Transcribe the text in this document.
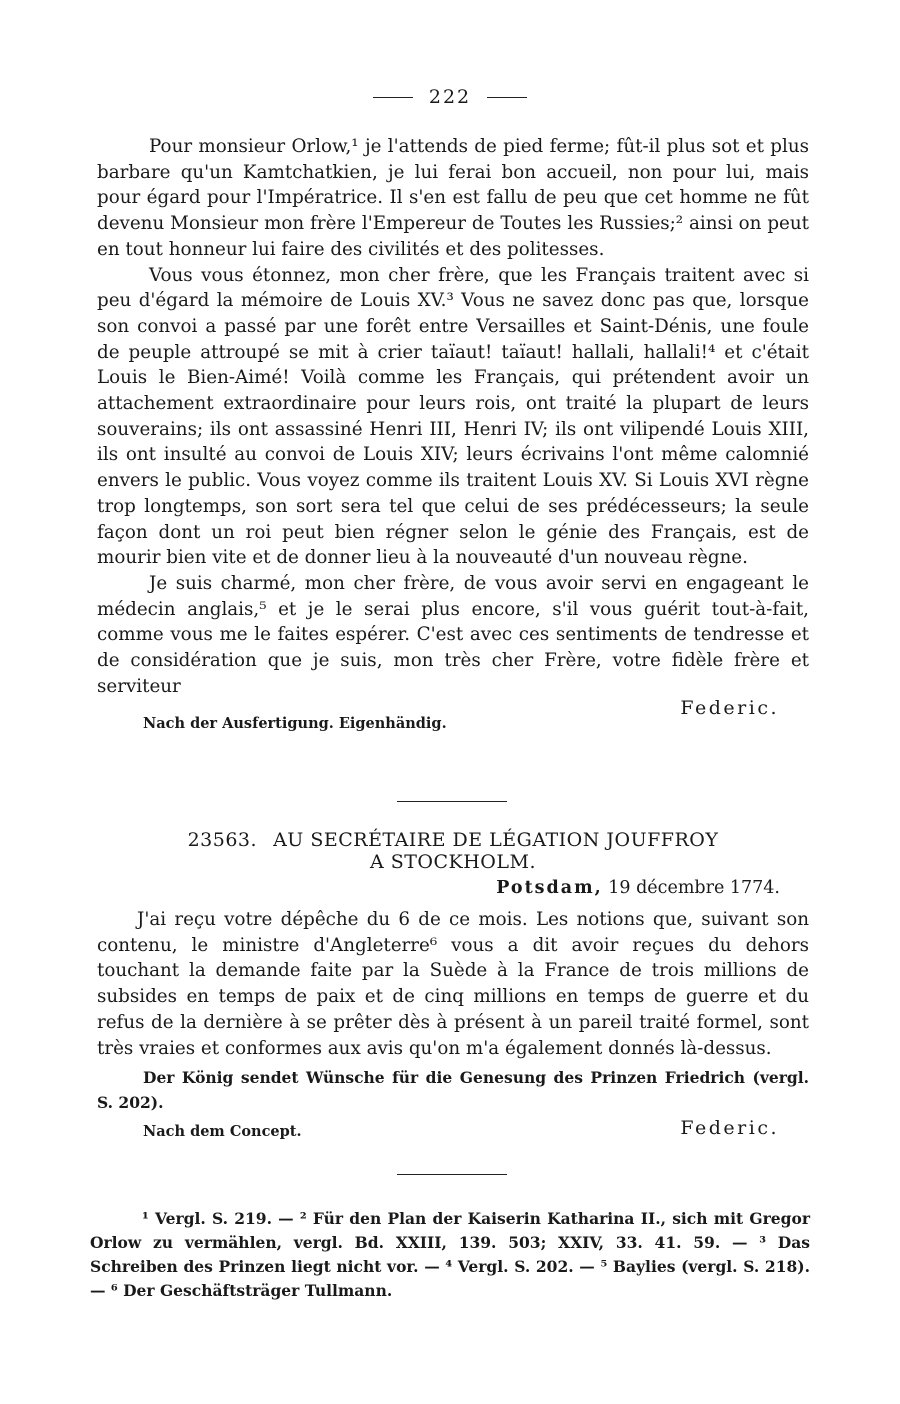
222

Pour monsieur Orlow,¹ je l'attends de pied ferme; fût-il plus sot et plus barbare qu'un Kamtchatkien, je lui ferai bon accueil, non pour lui, mais pour égard pour l'Impératrice. Il s'en est fallu de peu que cet homme ne fût devenu Monsieur mon frère l'Empereur de Toutes les Russies;² ainsi on peut en tout honneur lui faire des civilités et des politesses.

Vous vous étonnez, mon cher frère, que les Français traitent avec si peu d'égard la mémoire de Louis XV.³ Vous ne savez donc pas que, lorsque son convoi a passé par une forêt entre Versailles et Saint-Dénis, une foule de peuple attroupé se mit à crier taïaut! taïaut! hallali, hallali!⁴ et c'était Louis le Bien-Aimé! Voilà comme les Français, qui prétendent avoir un attachement extraordinaire pour leurs rois, ont traité la plupart de leurs souverains; ils ont assassiné Henri III, Henri IV; ils ont vilipendé Louis XIII, ils ont insulté au convoi de Louis XIV; leurs écrivains l'ont même calomnié envers le public. Vous voyez comme ils traitent Louis XV. Si Louis XVI règne trop longtemps, son sort sera tel que celui de ses prédécesseurs; la seule façon dont un roi peut bien régner selon le génie des Français, est de mourir bien vite et de donner lieu à la nouveauté d'un nouveau règne.

Je suis charmé, mon cher frère, de vous avoir servi en engageant le médecin anglais,⁵ et je le serai plus encore, s'il vous guérit tout-à-fait, comme vous me le faites espérer. C'est avec ces sentiments de tendresse et de considération que je suis, mon très cher Frère, votre fidèle frère et serviteur

Federic.

Nach der Ausfertigung. Eigenhändig.

23563. AU SECRÉTAIRE DE LÉGATION JOUFFROY
A STOCKHOLM.
Potsdam, 19 décembre 1774.

J'ai reçu votre dépêche du 6 de ce mois. Les notions que, suivant son contenu, le ministre d'Angleterre⁶ vous a dit avoir reçues du dehors touchant la demande faite par la Suède à la France de trois millions de subsides en temps de paix et de cinq millions en temps de guerre et du refus de la dernière à se prêter dès à présent à un pareil traité formel, sont très vraies et conformes aux avis qu'on m'a également donnés là-dessus.

Der König sendet Wünsche für die Genesung des Prinzen Friedrich (vergl. S. 202).

Federic.

Nach dem Concept.

¹ Vergl. S. 219. — ² Für den Plan der Kaiserin Katharina II., sich mit Gregor Orlow zu vermählen, vergl. Bd. XXIII, 139. 503; XXIV, 33. 41. 59. — ³ Das Schreiben des Prinzen liegt nicht vor. — ⁴ Vergl. S. 202. — ⁵ Baylies (vergl. S. 218). — ⁶ Der Geschäftsträger Tullmann.
